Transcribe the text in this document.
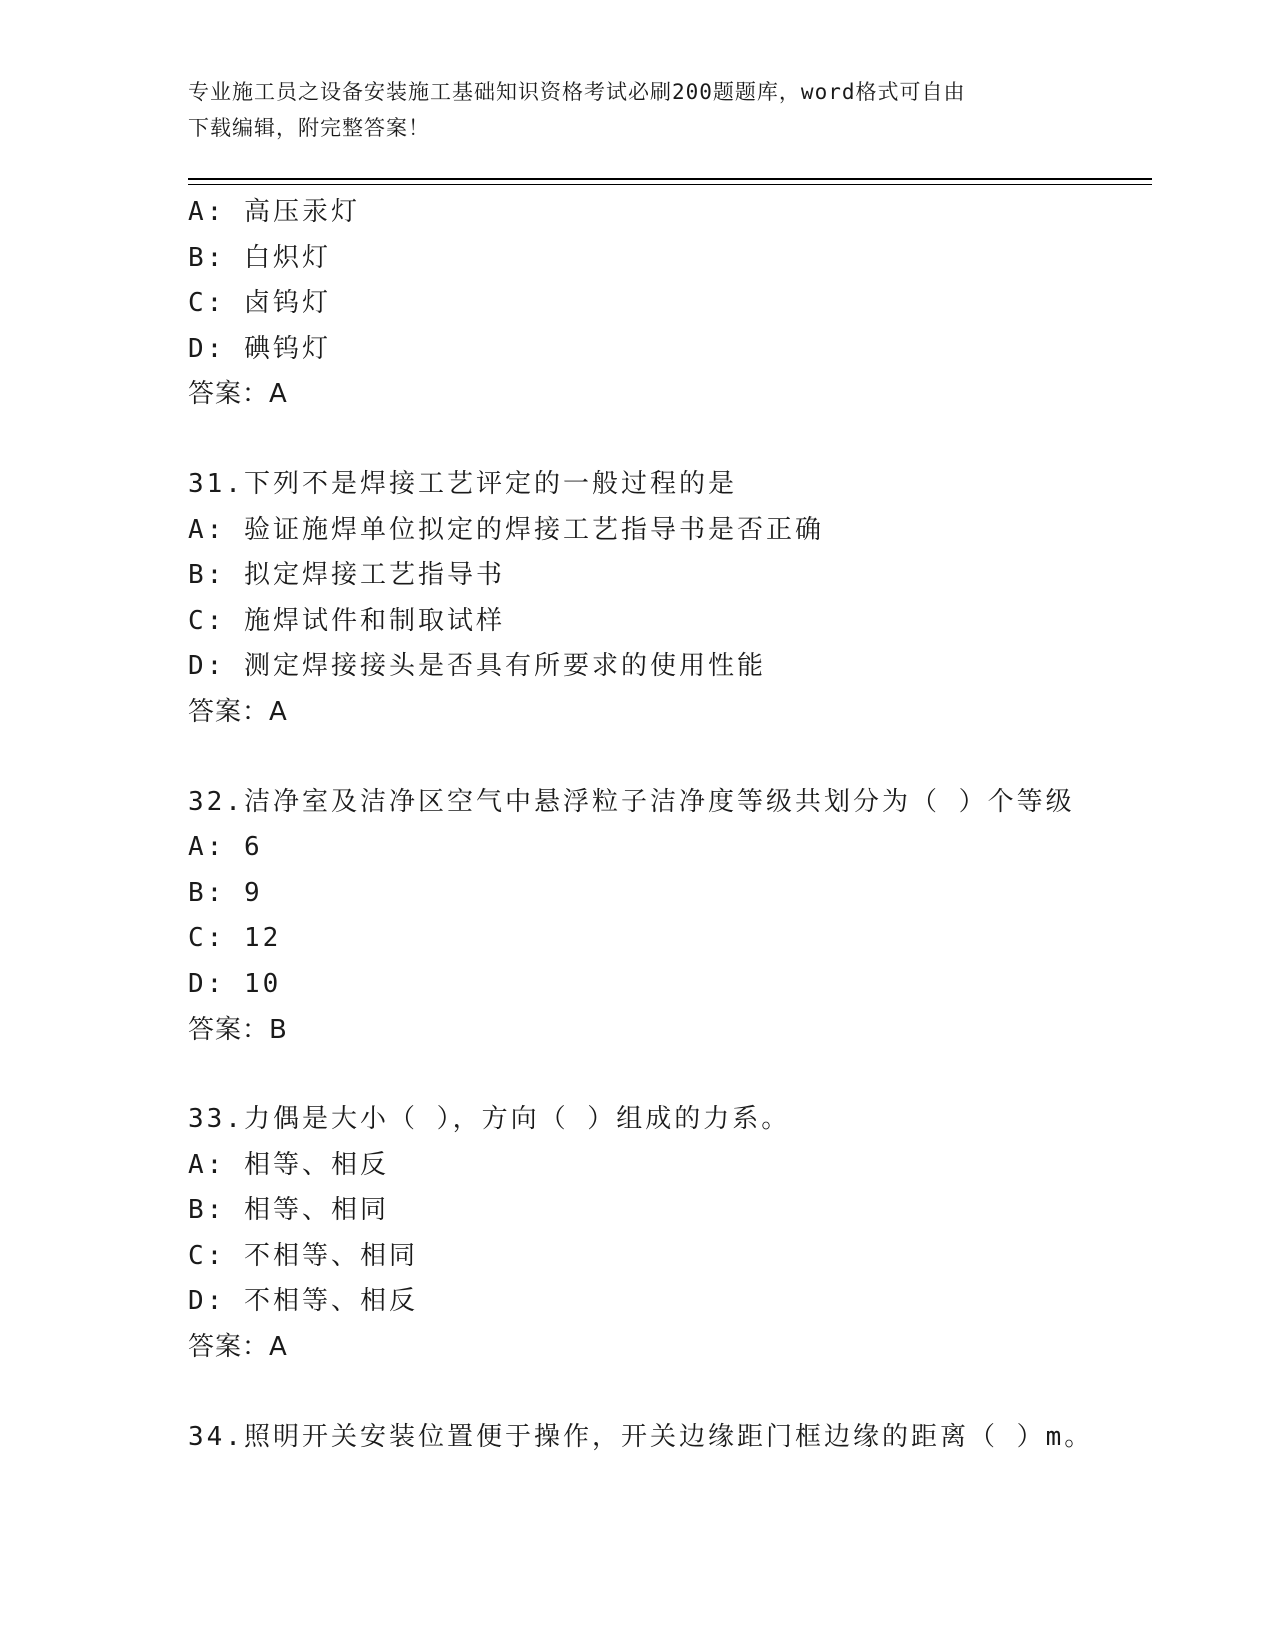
专业施工员之设备安装施工基础知识资格考试必刷200题题库，word格式可自由
下载编辑，附完整答案！
A: 高压汞灯
B: 白炽灯
C: 卤钨灯
D: 碘钨灯
答案：A
31.下列不是焊接工艺评定的一般过程的是
A: 验证施焊单位拟定的焊接工艺指导书是否正确
B: 拟定焊接工艺指导书
C: 施焊试件和制取试样
D: 测定焊接接头是否具有所要求的使用性能
答案：A
32.洁净室及洁净区空气中悬浮粒子洁净度等级共划分为（ ）个等级
A: 6
B: 9
C: 12
D: 10
答案：B
33.力偶是大小（ ），方向（ ）组成的力系。
A: 相等、相反
B: 相等、相同
C: 不相等、相同
D: 不相等、相反
答案：A
34.照明开关安装位置便于操作，开关边缘距门框边缘的距离（ ）m。
